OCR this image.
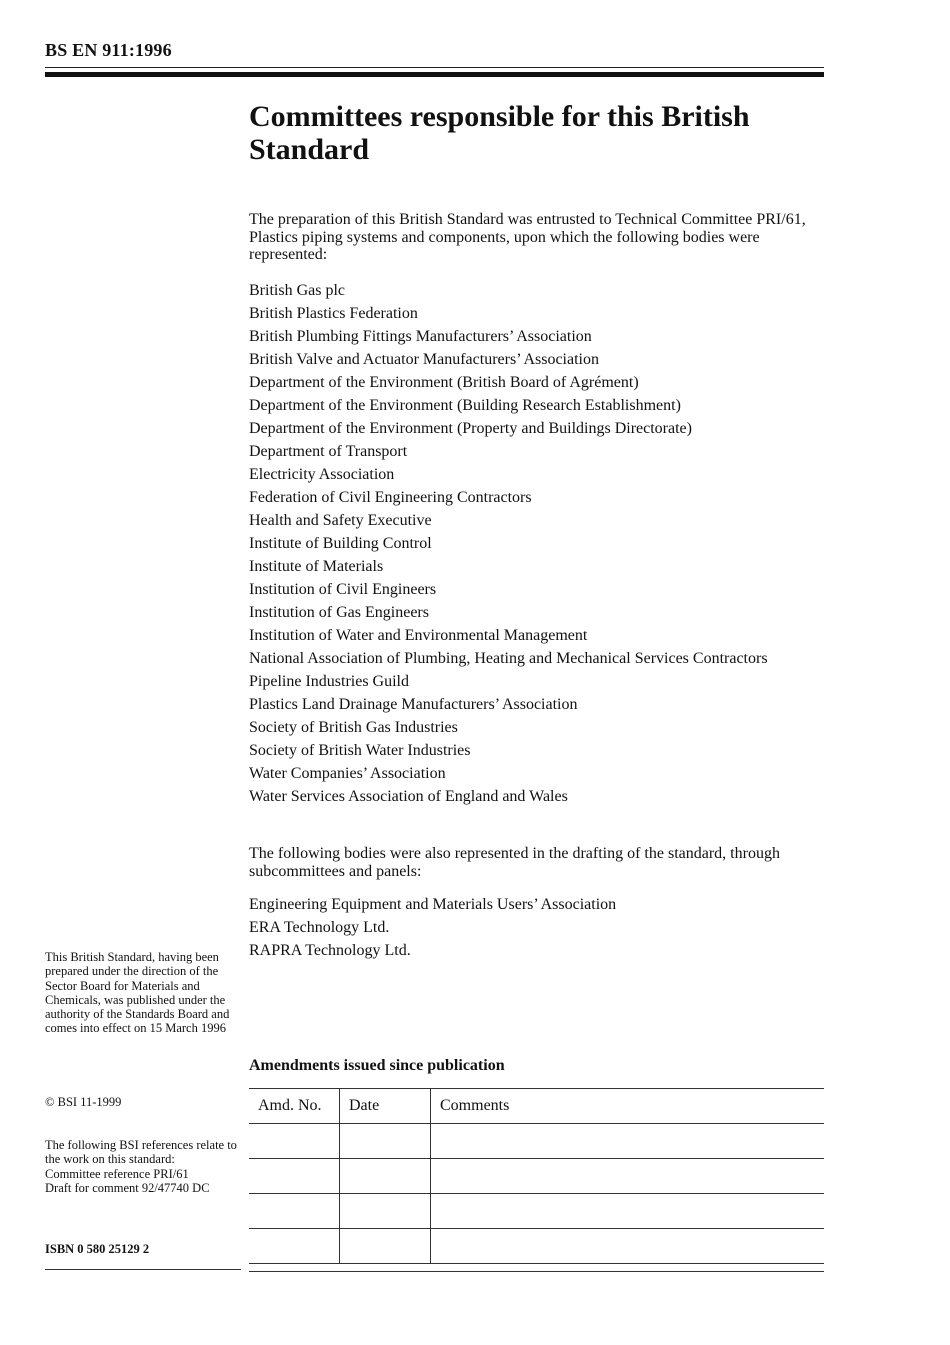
BS EN 911:1996
Committees responsible for this British Standard
The preparation of this British Standard was entrusted to Technical Committee PRI/61, Plastics piping systems and components, upon which the following bodies were represented:
British Gas plc
British Plastics Federation
British Plumbing Fittings Manufacturers’ Association
British Valve and Actuator Manufacturers’ Association
Department of the Environment (British Board of Agrément)
Department of the Environment (Building Research Establishment)
Department of the Environment (Property and Buildings Directorate)
Department of Transport
Electricity Association
Federation of Civil Engineering Contractors
Health and Safety Executive
Institute of Building Control
Institute of Materials
Institution of Civil Engineers
Institution of Gas Engineers
Institution of Water and Environmental Management
National Association of Plumbing, Heating and Mechanical Services Contractors
Pipeline Industries Guild
Plastics Land Drainage Manufacturers’ Association
Society of British Gas Industries
Society of British Water Industries
Water Companies’ Association
Water Services Association of England and Wales
The following bodies were also represented in the drafting of the standard, through subcommittees and panels:
Engineering Equipment and Materials Users’ Association
ERA Technology Ltd.
RAPRA Technology Ltd.
This British Standard, having been prepared under the direction of the Sector Board for Materials and Chemicals, was published under the authority of the Standards Board and comes into effect on 15 March 1996
© BSI 11-1999
The following BSI references relate to the work on this standard:
Committee reference PRI/61
Draft for comment 92/47740 DC
ISBN 0 580 25129 2
Amendments issued since publication
Amd. No.	Date	Comments
